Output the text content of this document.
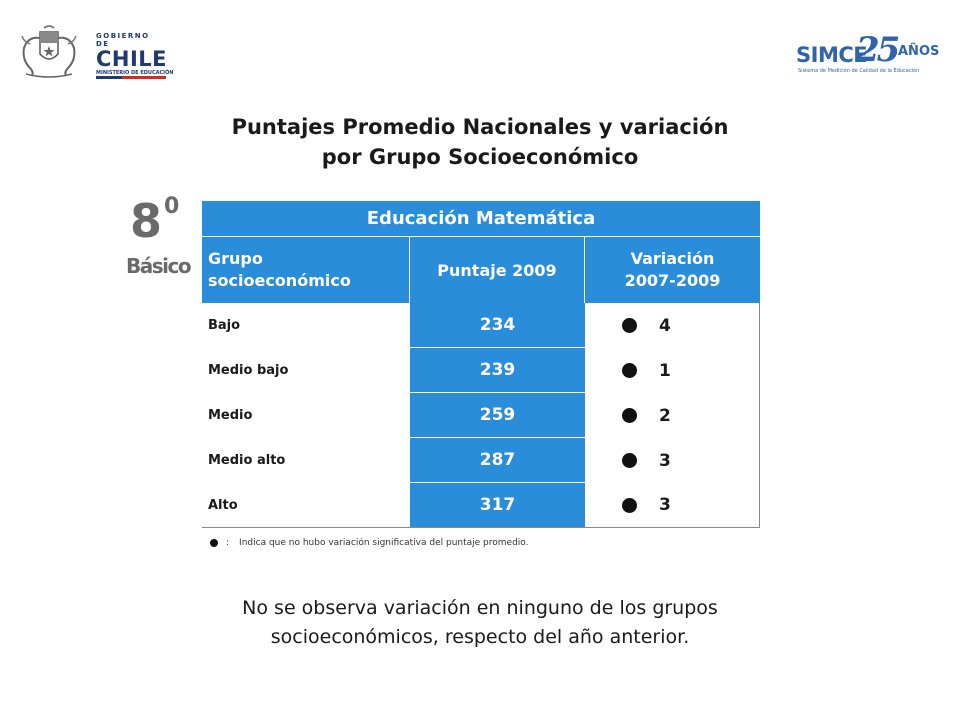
GOBIERNO DE
CHILE
MINISTERIO DE EDUCACIÓN
SIMCE
25 AÑOS
Sistema de Medición de Calidad de la Educación
Puntajes Promedio Nacionales y variación
por Grupo Socioeconómico
8 0
Básico
Educación Matemática
Grupo
socioeconómico
Puntaje 2009
Variación
2007-2009
Bajo	234	4
Medio bajo	239	1
Medio	259	2
Medio alto	287	3
Alto	317	3
: Indica que no hubo variación significativa del puntaje promedio.
No se observa variación en ninguno de los grupos
socioeconómicos, respecto del año anterior.
